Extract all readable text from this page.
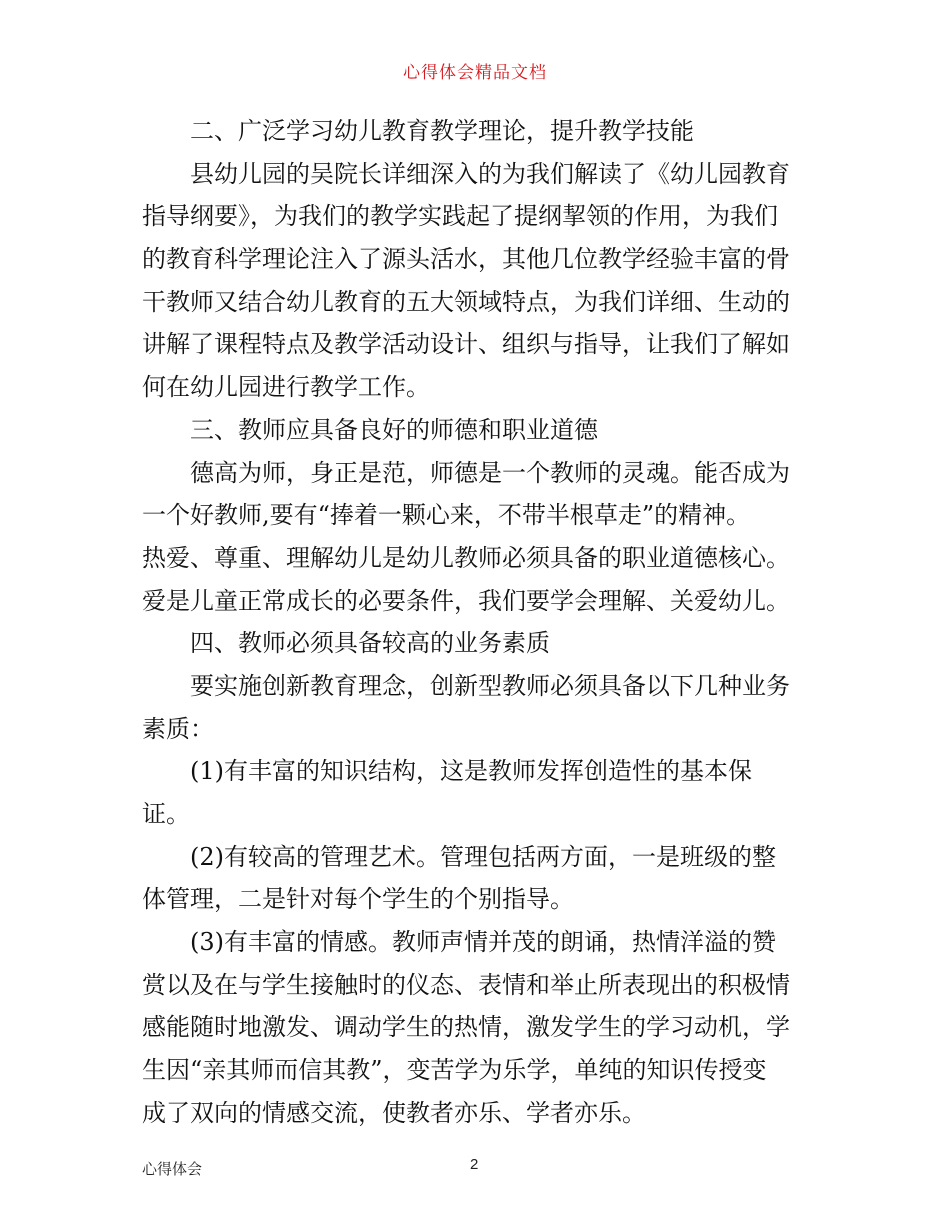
心得体会精品文档
二、广泛学习幼儿教育教学理论，提升教学技能
县幼儿园的吴院长详细深入的为我们解读了《幼儿园教育
指导纲要》，为我们的教学实践起了提纲挈领的作用，为我们
的教育科学理论注入了源头活水，其他几位教学经验丰富的骨
干教师又结合幼儿教育的五大领域特点，为我们详细、生动的
讲解了课程特点及教学活动设计、组织与指导，让我们了解如
何在幼儿园进行教学工作。
三、教师应具备良好的师德和职业道德
德高为师，身正是范，师德是一个教师的灵魂。能否成为
一个好教师,要有“捧着一颗心来，不带半根草走”的精神。
热爱、尊重、理解幼儿是幼儿教师必须具备的职业道德核心。
爱是儿童正常成长的必要条件，我们要学会理解、关爱幼儿。
四、教师必须具备较高的业务素质
要实施创新教育理念，创新型教师必须具备以下几种业务
素质：
(1)有丰富的知识结构，这是教师发挥创造性的基本保
证。
(2)有较高的管理艺术。管理包括两方面，一是班级的整
体管理，二是针对每个学生的个别指导。
(3)有丰富的情感。教师声情并茂的朗诵，热情洋溢的赞
赏以及在与学生接触时的仪态、表情和举止所表现出的积极情
感能随时地激发、调动学生的热情，激发学生的学习动机，学
生因“亲其师而信其教”，变苦学为乐学，单纯的知识传授变
成了双向的情感交流，使教者亦乐、学者亦乐。
心得体会	2
